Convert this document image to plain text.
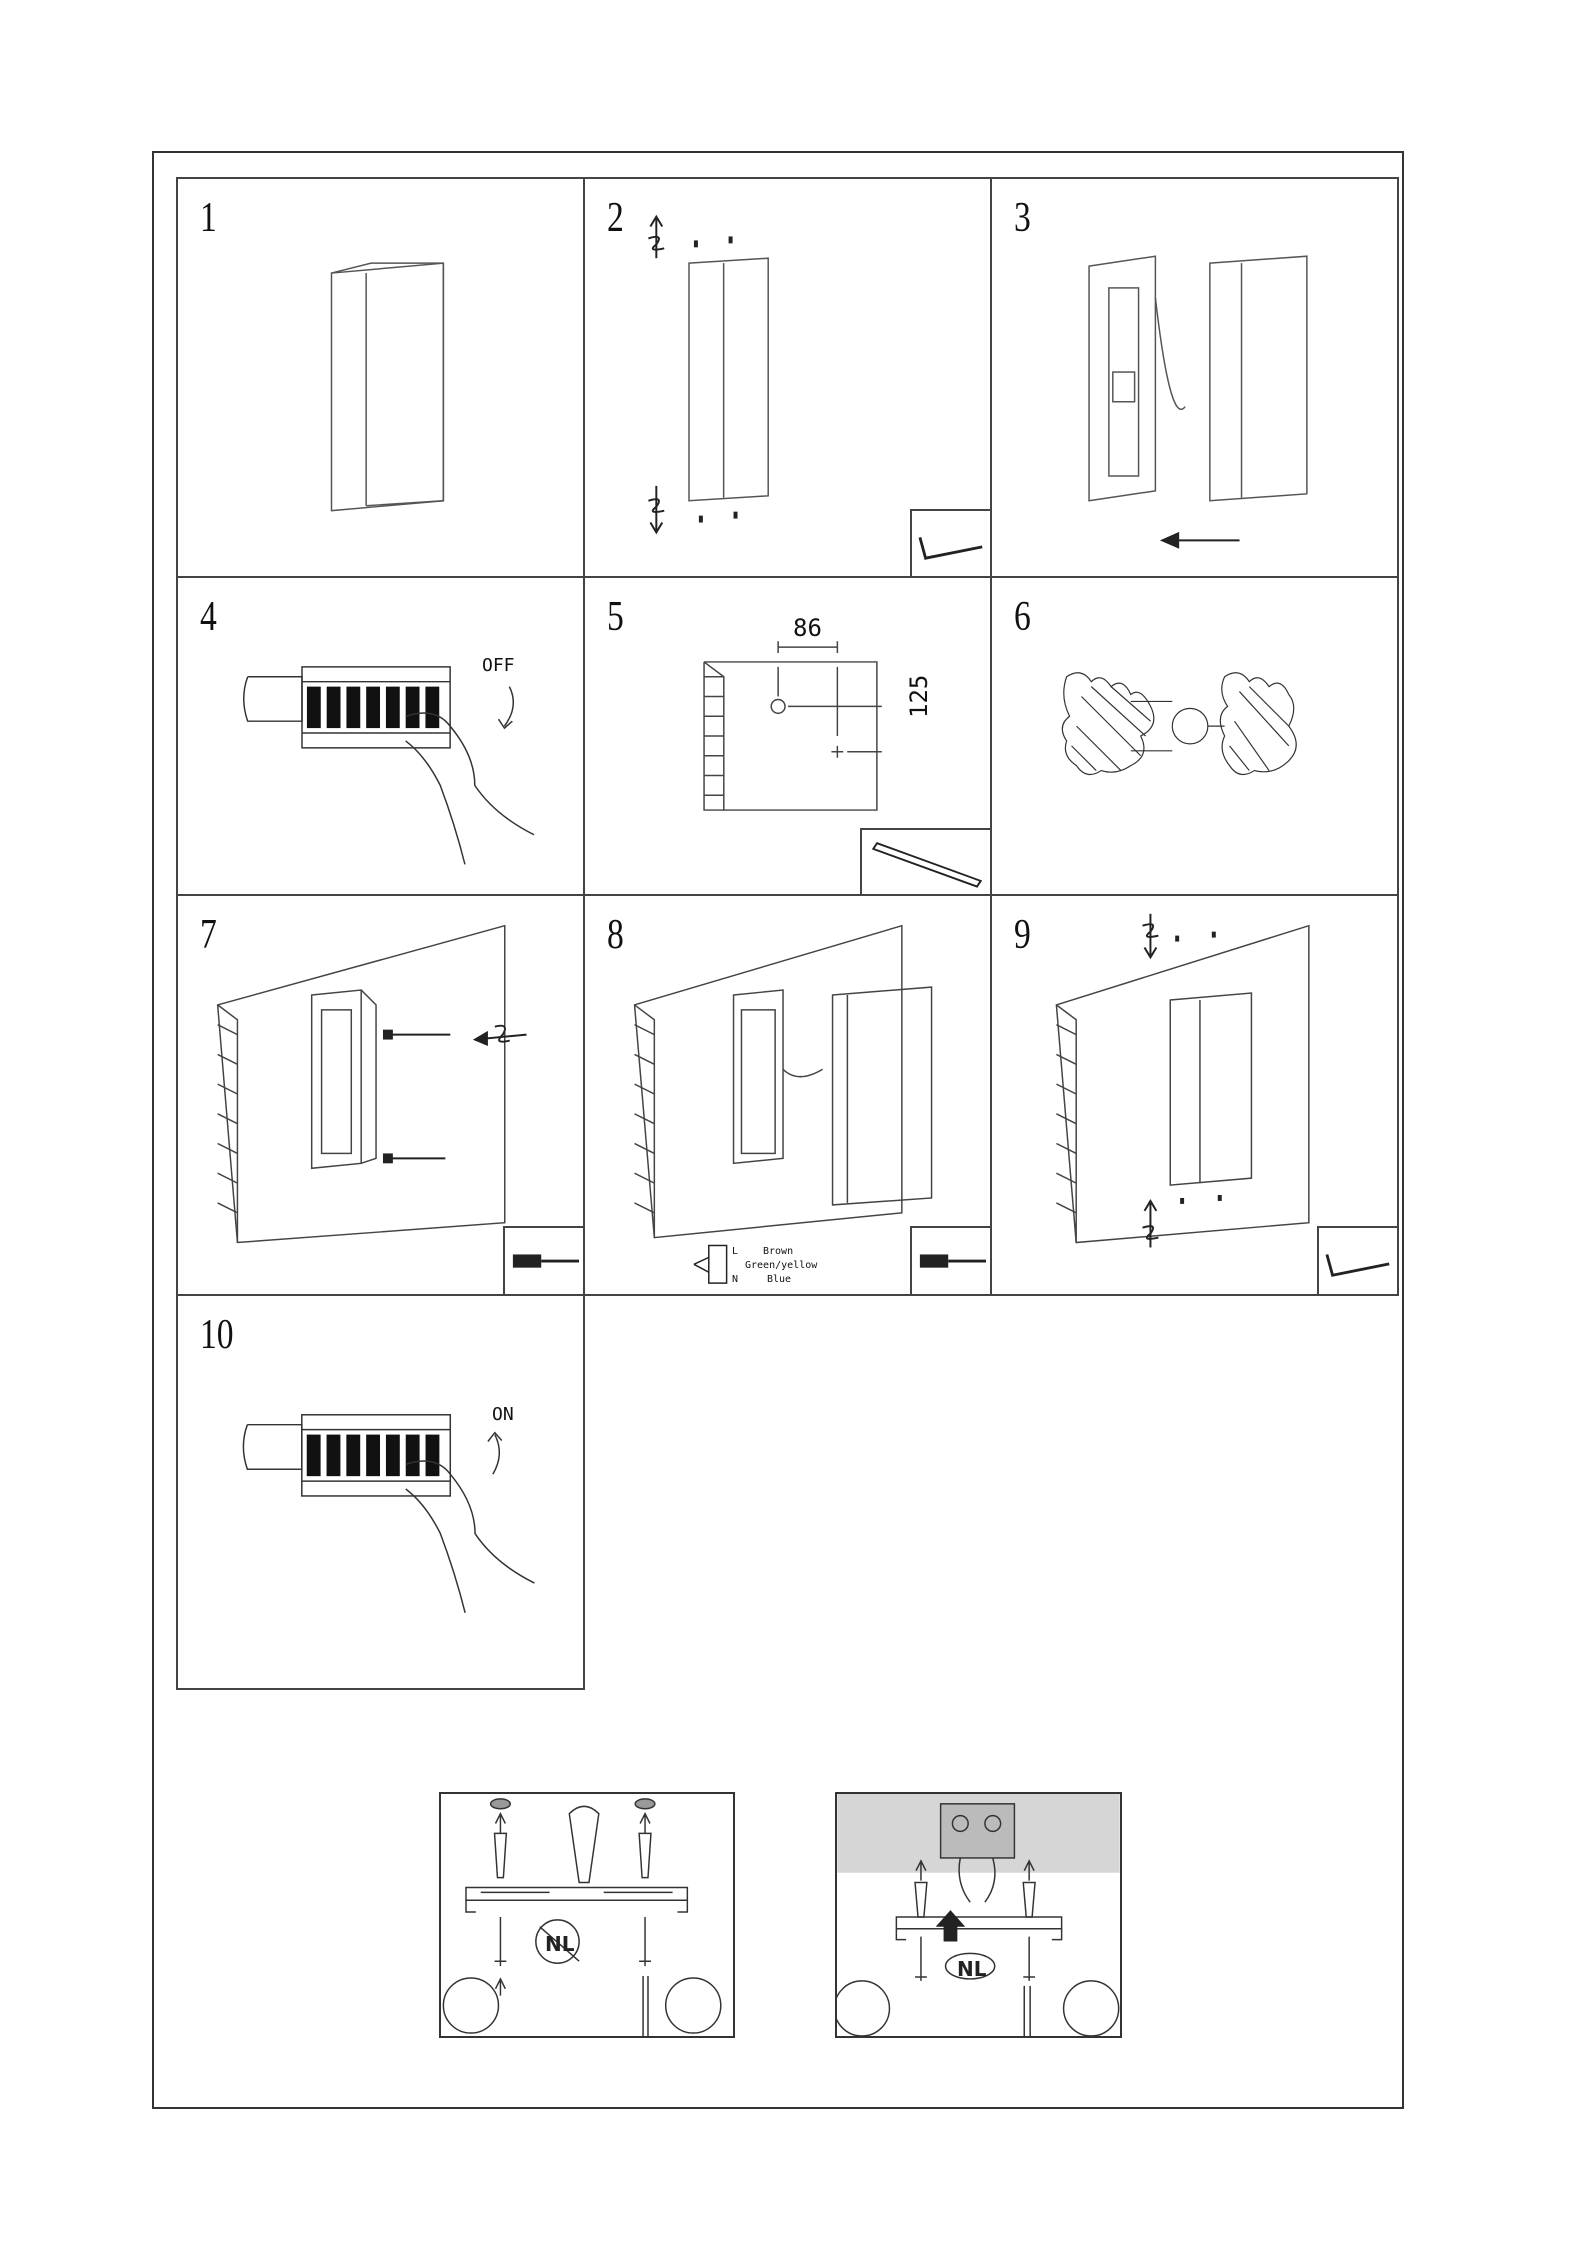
1	2	3
4
OFF
5	86
125
6
7	8
L Brown
Green/yellow
N	Blue
9
10
ON
NL
NL
